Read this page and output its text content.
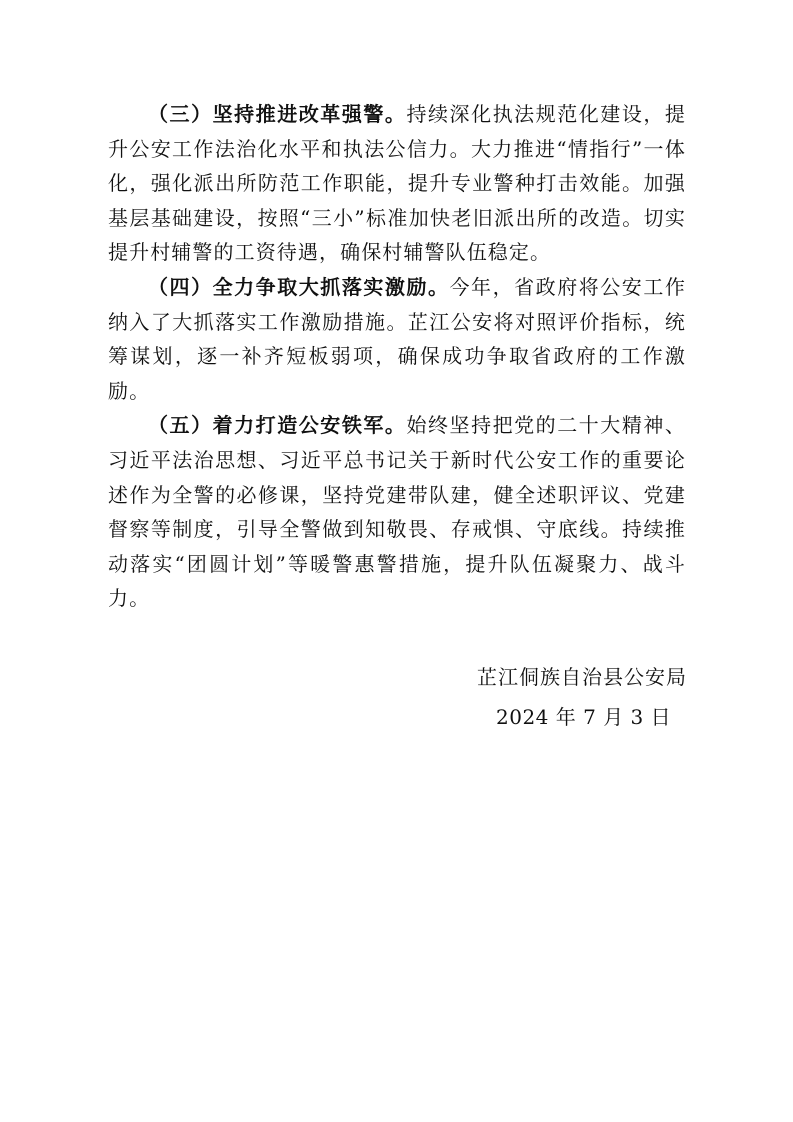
（三）坚持推进改革强警。持续深化执法规范化建设，提升公安工作法治化水平和执法公信力。大力推进“情指行”一体化，强化派出所防范工作职能，提升专业警种打击效能。加强基层基础建设，按照“三小”标准加快老旧派出所的改造。切实提升村辅警的工资待遇，确保村辅警队伍稳定。

（四）全力争取大抓落实激励。今年，省政府将公安工作纳入了大抓落实工作激励措施。芷江公安将对照评价指标，统筹谋划，逐一补齐短板弱项，确保成功争取省政府的工作激励。

（五）着力打造公安铁军。始终坚持把党的二十大精神、习近平法治思想、习近平总书记关于新时代公安工作的重要论述作为全警的必修课，坚持党建带队建，健全述职评议、党建督察等制度，引导全警做到知敬畏、存戒惧、守底线。持续推动落实“团圆计划”等暖警惠警措施，提升队伍凝聚力、战斗力。

芷江侗族自治县公安局
2024 年 7 月 3 日
